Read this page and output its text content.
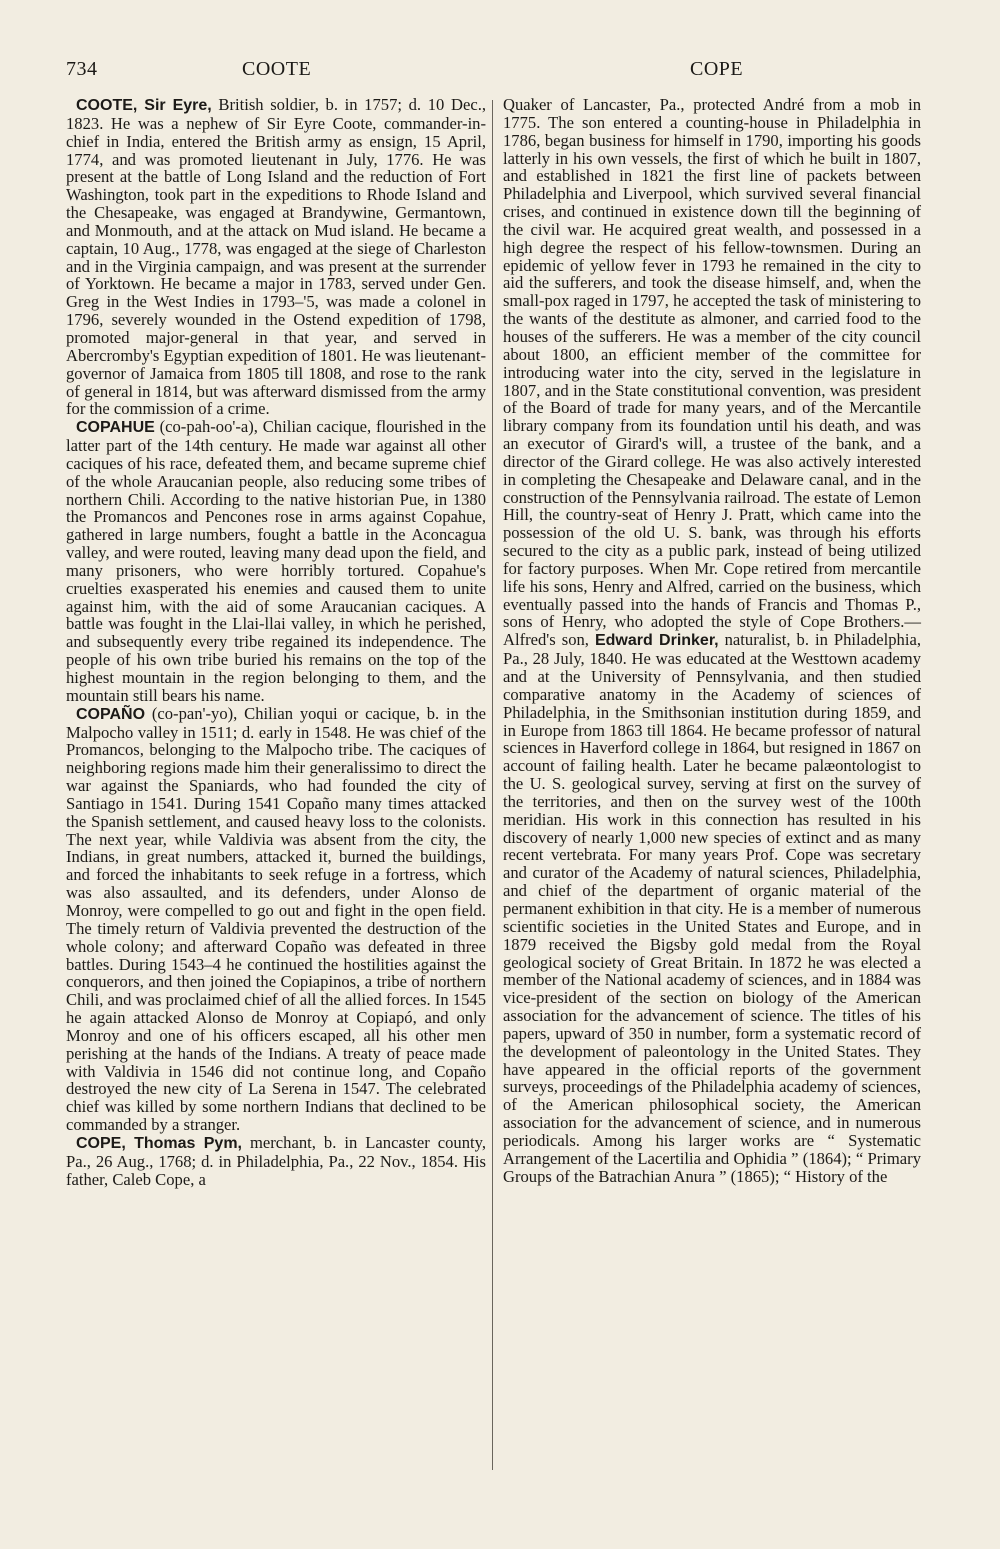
734	COOTE	COPE

COOTE, Sir Eyre, British soldier, b. in 1757; d. 10 Dec., 1823. He was a nephew of Sir Eyre Coote, commander-in-chief in India, entered the British army as ensign, 15 April, 1774, and was promoted lieutenant in July, 1776. He was present at the battle of Long Island and the reduction of Fort Washington, took part in the expeditions to Rhode Island and the Chesapeake, was engaged at Brandywine, Germantown, and Monmouth, and at the attack on Mud island. He became a captain, 10 Aug., 1778, was engaged at the siege of Charleston and in the Virginia campaign, and was present at the surrender of Yorktown. He became a major in 1783, served under Gen. Greg in the West Indies in 1793–'5, was made a colonel in 1796, severely wounded in the Ostend expedition of 1798, promoted major-general in that year, and served in Abercromby's Egyptian expedition of 1801. He was lieutenant-governor of Jamaica from 1805 till 1808, and rose to the rank of general in 1814, but was afterward dismissed from the army for the commission of a crime.

COPAHUE (co-pah-oo'-a), Chilian cacique, flourished in the latter part of the 14th century. He made war against all other caciques of his race, defeated them, and became supreme chief of the whole Araucanian people, also reducing some tribes of northern Chili. According to the native historian Pue, in 1380 the Promancos and Pencones rose in arms against Copahue, gathered in large numbers, fought a battle in the Aconcagua valley, and were routed, leaving many dead upon the field, and many prisoners, who were horribly tortured. Copahue's cruelties exasperated his enemies and caused them to unite against him, with the aid of some Araucanian caciques. A battle was fought in the Llai-llai valley, in which he perished, and subsequently every tribe regained its independence. The people of his own tribe buried his remains on the top of the highest mountain in the region belonging to them, and the mountain still bears his name.

COPAÑO (co-pan'-yo), Chilian yoqui or cacique, b. in the Malpocho valley in 1511; d. early in 1548. He was chief of the Promancos, belonging to the Malpocho tribe. The caciques of neighboring regions made him their generalissimo to direct the war against the Spaniards, who had founded the city of Santiago in 1541. During 1541 Copaño many times attacked the Spanish settlement, and caused heavy loss to the colonists. The next year, while Valdivia was absent from the city, the Indians, in great numbers, attacked it, burned the buildings, and forced the inhabitants to seek refuge in a fortress, which was also assaulted, and its defenders, under Alonso de Monroy, were compelled to go out and fight in the open field. The timely return of Valdivia prevented the destruction of the whole colony; and afterward Copaño was defeated in three battles. During 1543–4 he continued the hostilities against the conquerors, and then joined the Copiapinos, a tribe of northern Chili, and was proclaimed chief of all the allied forces. In 1545 he again attacked Alonso de Monroy at Copiapó, and only Monroy and one of his officers escaped, all his other men perishing at the hands of the Indians. A treaty of peace made with Valdivia in 1546 did not continue long, and Copaño destroyed the new city of La Serena in 1547. The celebrated chief was killed by some northern Indians that declined to be commanded by a stranger.

COPE, Thomas Pym, merchant, b. in Lancaster county, Pa., 26 Aug., 1768; d. in Philadelphia, Pa., 22 Nov., 1854. His father, Caleb Cope, a

Quaker of Lancaster, Pa., protected André from a mob in 1775. The son entered a counting-house in Philadelphia in 1786, began business for himself in 1790, importing his goods latterly in his own vessels, the first of which he built in 1807, and established in 1821 the first line of packets between Philadelphia and Liverpool, which survived several financial crises, and continued in existence down till the beginning of the civil war. He acquired great wealth, and possessed in a high degree the respect of his fellow-townsmen. During an epidemic of yellow fever in 1793 he remained in the city to aid the sufferers, and took the disease himself, and, when the small-pox raged in 1797, he accepted the task of ministering to the wants of the destitute as almoner, and carried food to the houses of the sufferers. He was a member of the city council about 1800, an efficient member of the committee for introducing water into the city, served in the legislature in 1807, and in the State constitutional convention, was president of the Board of trade for many years, and of the Mercantile library company from its foundation until his death, and was an executor of Girard's will, a trustee of the bank, and a director of the Girard college. He was also actively interested in completing the Chesapeake and Delaware canal, and in the construction of the Pennsylvania railroad. The estate of Lemon Hill, the country-seat of Henry J. Pratt, which came into the possession of the old U. S. bank, was through his efforts secured to the city as a public park, instead of being utilized for factory purposes. When Mr. Cope retired from mercantile life his sons, Henry and Alfred, carried on the business, which eventually passed into the hands of Francis and Thomas P., sons of Henry, who adopted the style of Cope Brothers.—Alfred's son, Edward Drinker, naturalist, b. in Philadelphia, Pa., 28 July, 1840. He was educated at the Westtown academy and at the University of Pennsylvania, and then studied comparative anatomy in the Academy of sciences of Philadelphia, in the Smithsonian institution during 1859, and in Europe from 1863 till 1864. He became professor of natural sciences in Haverford college in 1864, but resigned in 1867 on account of failing health. Later he became palæontologist to the U. S. geological survey, serving at first on the survey of the territories, and then on the survey west of the 100th meridian. His work in this connection has resulted in his discovery of nearly 1,000 new species of extinct and as many recent vertebrata. For many years Prof. Cope was secretary and curator of the Academy of natural sciences, Philadelphia, and chief of the department of organic material of the permanent exhibition in that city. He is a member of numerous scientific societies in the United States and Europe, and in 1879 received the Bigsby gold medal from the Royal geological society of Great Britain. In 1872 he was elected a member of the National academy of sciences, and in 1884 was vice-president of the section on biology of the American association for the advancement of science. The titles of his papers, upward of 350 in number, form a systematic record of the development of paleontology in the United States. They have appeared in the official reports of the government surveys, proceedings of the Philadelphia academy of sciences, of the American philosophical society, the American association for the advancement of science, and in numerous periodicals. Among his larger works are “ Systematic Arrangement of the Lacertilia and Ophidia ” (1864); “ Primary Groups of the Batrachian Anura ” (1865); “ History of the
